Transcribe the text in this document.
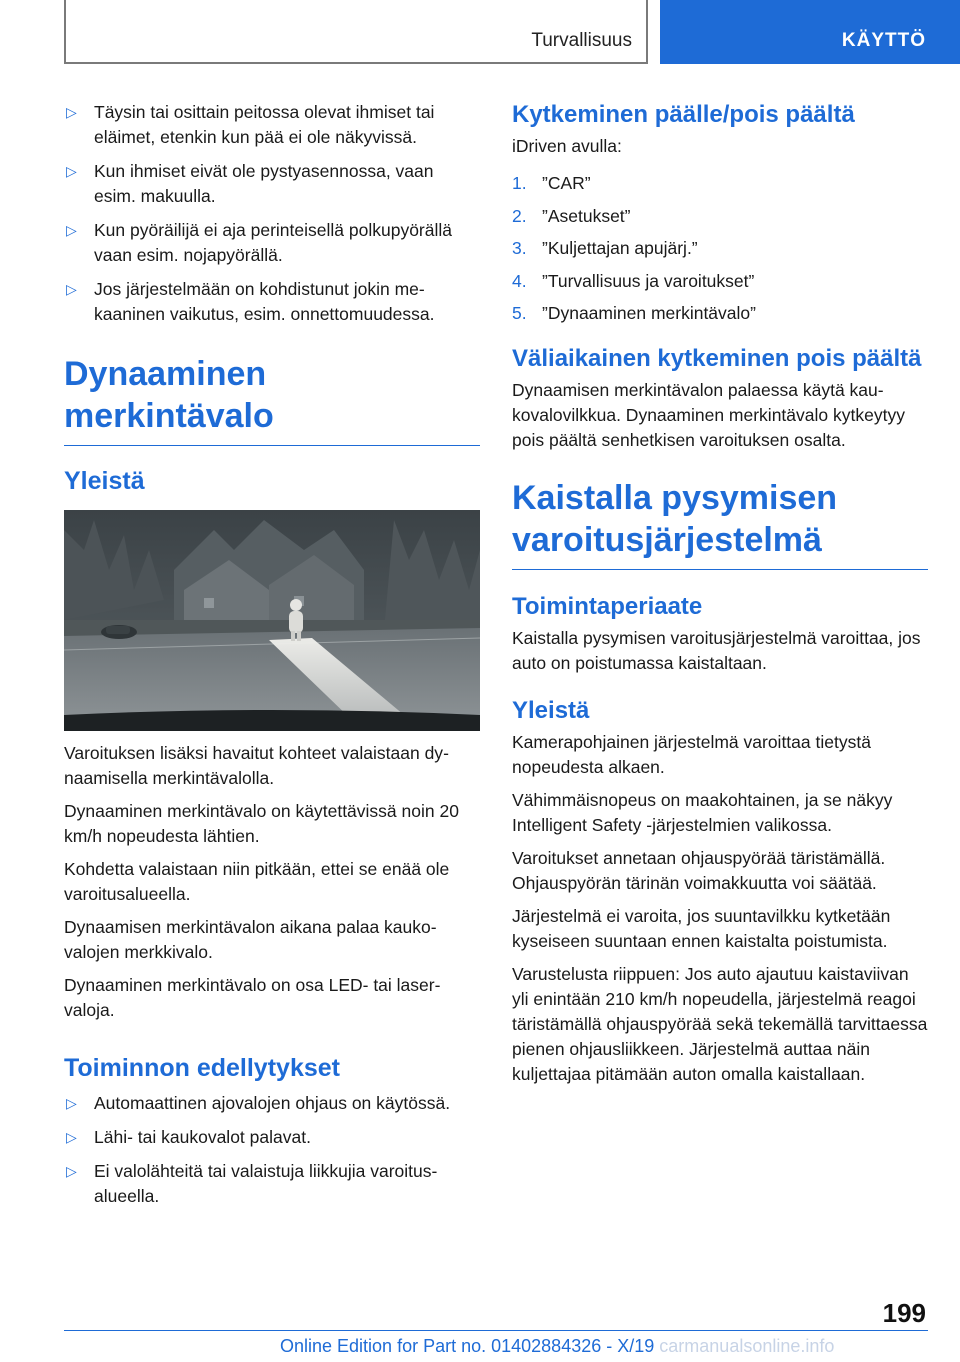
Turvallisuus	KÄYTTÖ
▷ Täysin tai osittain peitossa olevat ihmiset tai eläimet, etenkin kun pää ei ole näkyvissä.
▷ Kun ihmiset eivät ole pystyasennossa, vaan esim. makuulla.
▷ Kun pyöräilijä ei aja perinteisellä polkupyörällä vaan esim. nojapyörällä.
▷ Jos järjestelmään on kohdistunut jokin mekaaninen vaikutus, esim. onnettomuudessa.
Dynaaminen merkintävalo
Yleistä

Varoituksen lisäksi havaitut kohteet valaistaan dynaamisella merkintävalolla.

Dynaaminen merkintävalo on käytettävissä noin 20 km/h nopeudesta lähtien.

Kohdetta valaistaan niin pitkään, ettei se enää ole varoitusalueella.

Dynaamisen merkintävalon aikana palaa kaukovalojen merkkivalo.

Dynaaminen merkintävalo on osa LED- tai laservaloja.

Toiminnon edellytykset
▷ Automaattinen ajovalojen ohjaus on käytössä.
▷ Lähi- tai kaukovalot palavat.
▷ Ei valolähteitä tai valaistuja liikkujia varoitusalueella.
Kytkeminen päälle/pois päältä

iDriven avulla:

1. ”CAR”
2. ”Asetukset”
3. ”Kuljettajan apujärj.”
4. ”Turvallisuus ja varoitukset”
5. ”Dynaaminen merkintävalo”
Väliaikainen kytkeminen pois päältä

Dynaamisen merkintävalon palaessa käytä kaukovalovilkkua. Dynaaminen merkintävalo kytkeytyy pois päältä senhetkisen varoituksen osalta.

Kaistalla pysymisen varoitusjärjestelmä
Toimintaperiaate

Kaistalla pysymisen varoitusjärjestelmä varoittaa, jos auto on poistumassa kaistaltaan.

Yleistä

Kamerapohjainen järjestelmä varoittaa tietystä nopeudesta alkaen.

Vähimmäisnopeus on maakohtainen, ja se näkyy Intelligent Safety -järjestelmien valikossa.

Varoitukset annetaan ohjauspyörää täristämällä. Ohjauspyörän tärinän voimakkuutta voi säätää.

Järjestelmä ei varoita, jos suuntavilkku kytketään kyseiseen suuntaan ennen kaistalta poistumista.

Varustelusta riippuen: Jos auto ajautuu kaistaviivan yli enintään 210 km/h nopeudella, järjestelmä reagoi täristämällä ohjauspyörää sekä tekemällä tarvittaessa pienen ohjausliikkeen. Järjestelmä auttaa näin kuljettajaa pitämään auton omalla kaistallaan.

199
Online Edition for Part no. 01402884326 - X/19 carmanualsonline.info
